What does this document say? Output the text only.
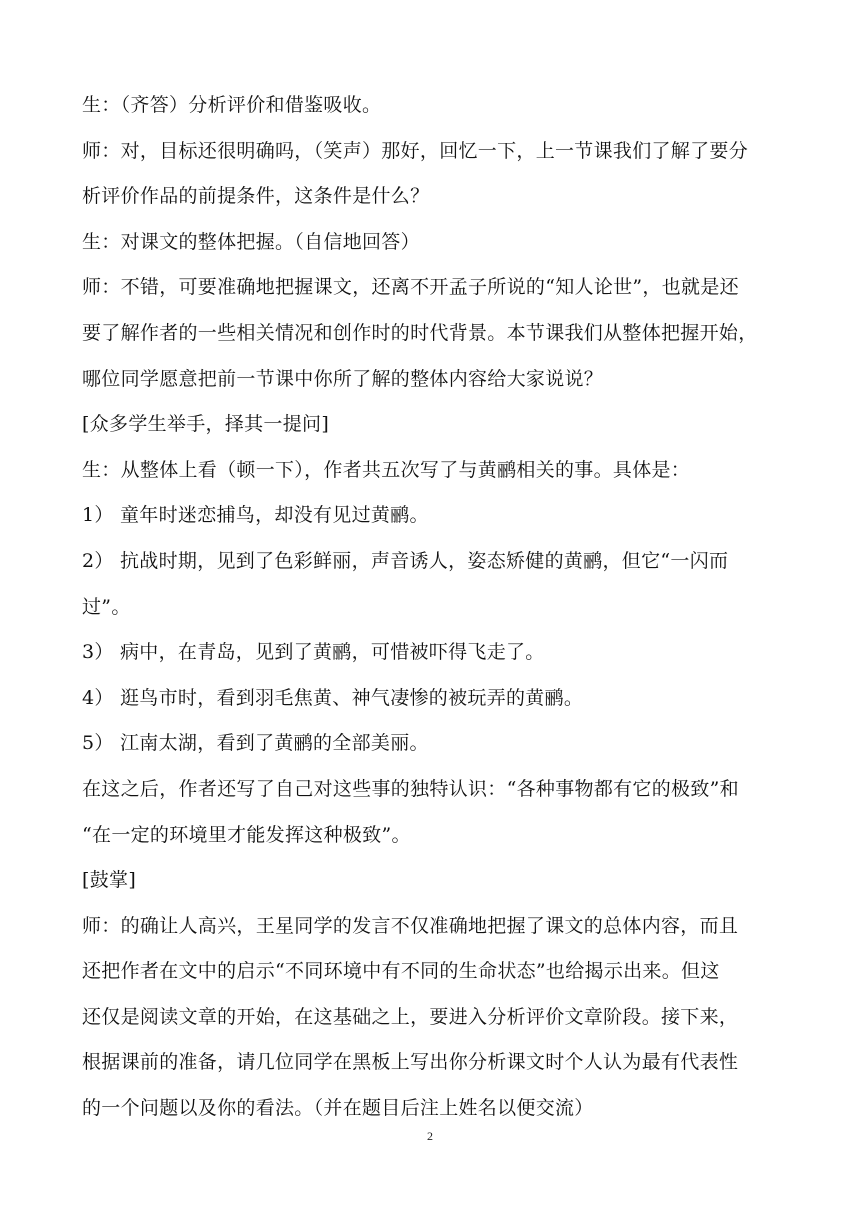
生：（齐答）分析评价和借鉴吸收。
师：对，目标还很明确吗，（笑声）那好，回忆一下，上一节课我们了解了要分
析评价作品的前提条件，这条件是什么？
生：对课文的整体把握。（自信地回答）
师：不错，可要准确地把握课文，还离不开孟子所说的“知人论世”，也就是还
要了解作者的一些相关情况和创作时的时代背景。本节课我们从整体把握开始，
哪位同学愿意把前一节课中你所了解的整体内容给大家说说？
[众多学生举手，择其一提问]
生：从整体上看（顿一下），作者共五次写了与黄鹂相关的事。具体是：
1） 童年时迷恋捕鸟，却没有见过黄鹂。
2） 抗战时期，见到了色彩鲜丽，声音诱人，姿态矫健的黄鹂，但它“一闪而
过”。
3） 病中，在青岛，见到了黄鹂，可惜被吓得飞走了。
4） 逛鸟市时，看到羽毛焦黄、神气凄惨的被玩弄的黄鹂。
5） 江南太湖，看到了黄鹂的全部美丽。
在这之后，作者还写了自己对这些事的独特认识：“各种事物都有它的极致”和
“在一定的环境里才能发挥这种极致”。
[鼓掌]
师：的确让人高兴，王星同学的发言不仅准确地把握了课文的总体内容，而且
还把作者在文中的启示“不同环境中有不同的生命状态”也给揭示出来。但这
还仅是阅读文章的开始，在这基础之上，要进入分析评价文章阶段。接下来，
根据课前的准备，请几位同学在黑板上写出你分析课文时个人认为最有代表性
的一个问题以及你的看法。（并在题目后注上姓名以便交流）
2
